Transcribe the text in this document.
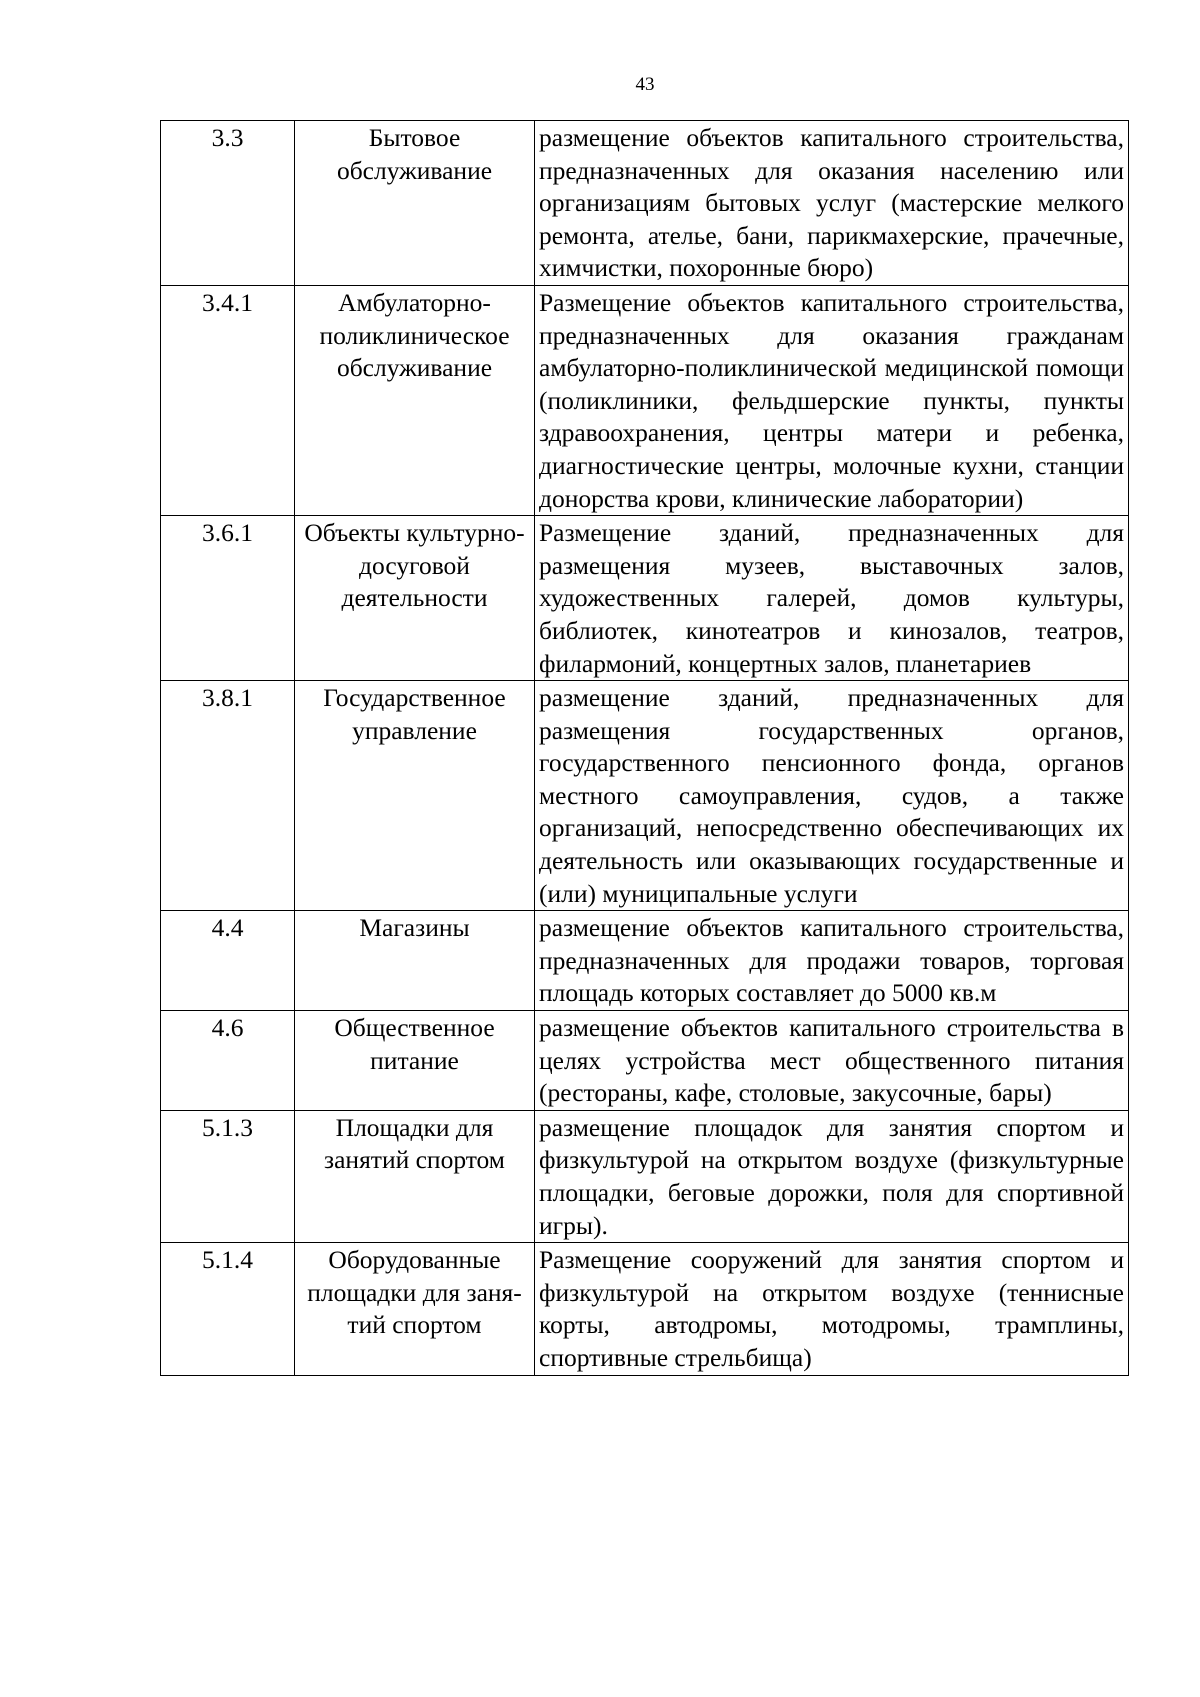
43
3.3	Бытовое обслуживание	размещение объектов капитального строительства, предназначенных для оказания населению или организациям бытовых услуг (мастерские мелкого ремонта, ателье, бани, парикмахерские, прачечные, химчистки, похоронные бюро)
3.4.1	Амбулаторно-поликлиническое обслуживание	Размещение объектов капитального строительства, предназначенных для оказания гражданам амбулаторно-поликлинической медицинской помощи (поликлиники, фельдшерские пункты, пункты здравоохранения, центры матери и ребенка, диагностические центры, молочные кухни, станции донорства крови, клинические лаборатории)
3.6.1	Объекты культурно-досуговой деятельности	Размещение зданий, предназначенных для размещения музеев, выставочных залов, художественных галерей, домов культуры, библиотек, кинотеатров и кинозалов, театров, филармоний, концертных залов, планетариев
3.8.1	Государственное управление	размещение зданий, предназначенных для размещения государственных органов, государственного пенсионного фонда, органов местного самоуправления, судов, а также организаций, непосредственно обеспечивающих их деятельность или оказывающих государственные и (или) муниципальные услуги
4.4	Магазины	размещение объектов капитального строительства, предназначенных для продажи товаров, торговая площадь которых составляет до 5000 кв.м
4.6	Общественное питание	размещение объектов капитального строительства в целях устройства мест общественного питания (рестораны, кафе, столовые, закусочные, бары)
5.1.3	Площадки для занятий спортом	размещение площадок для занятия спортом и физкультурой на открытом воздухе (физкультурные площадки, беговые дорожки, поля для спортивной игры).
5.1.4	Оборудованные площадки для заня-тий спортом	Размещение сооружений для занятия спортом и физкультурой на открытом воздухе (теннисные корты, автодромы, мотодромы, трамплины, спортивные стрельбища)
